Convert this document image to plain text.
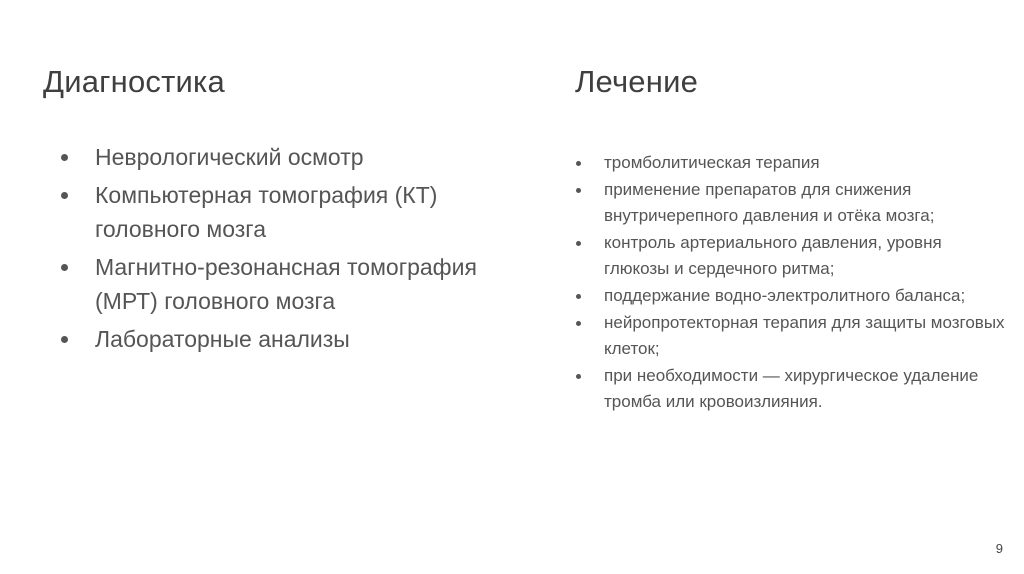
Диагностика
Неврологический осмотр
Компьютерная томография (КТ) головного мозга
Магнитно-резонансная томография (МРТ) головного мозга
Лабораторные анализы
Лечение
тромболитическая терапия
применение препаратов для снижения внутричерепного давления и отёка мозга;
контроль артериального давления, уровня глюкозы и сердечного ритма;
поддержание водно-электролитного баланса;
нейропротекторная терапия для защиты мозговых клеток;
при необходимости — хирургическое удаление тромба или кровоизлияния.
9
